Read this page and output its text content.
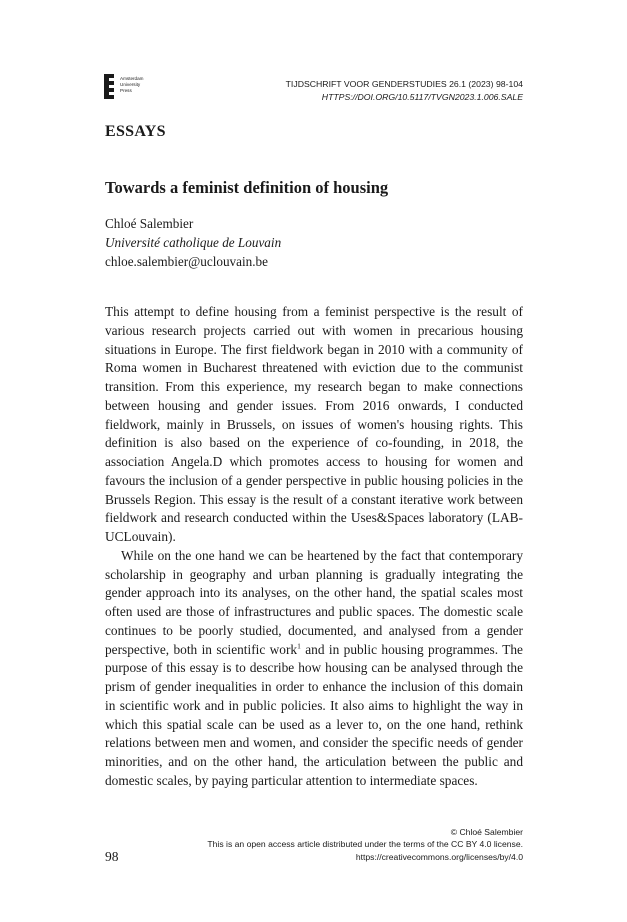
Amsterdam
University
Press
TIJDSCHRIFT VOOR GENDERSTUDIES 26.1 (2023) 98-104
HTTPS://DOI.ORG/10.5117/TVGN2023.1.006.SALE
ESSAYS
Towards a feminist definition of housing
Chloé Salembier
Université catholique de Louvain
chloe.salembier@uclouvain.be

This attempt to define housing from a feminist perspective is the result of various research projects carried out with women in precarious housing situations in Europe. The first fieldwork began in 2010 with a community of Roma women in Bucharest threatened with eviction due to the communist transition. From this experience, my research began to make connections between housing and gender issues. From 2016 onwards, I conducted fieldwork, mainly in Brussels, on issues of women's housing rights. This definition is also based on the experience of co-founding, in 2018, the association Angela.D which promotes access to housing for women and favours the inclusion of a gender perspective in public housing policies in the Brussels Region. This essay is the result of a constant iterative work between fieldwork and research conducted within the Uses&Spaces laboratory (LAB-UCLouvain).

While on the one hand we can be heartened by the fact that contemporary scholarship in geography and urban planning is gradually integrating the gender approach into its analyses, on the other hand, the spatial scales most often used are those of infrastructures and public spaces. The domestic scale continues to be poorly studied, documented, and analysed from a gender perspective, both in scientific work$^1$ and in public housing programmes. The purpose of this essay is to describe how housing can be analysed through the prism of gender inequalities in order to enhance the inclusion of this domain in scientific work and in public policies. It also aims to highlight the way in which this spatial scale can be used as a lever to, on the one hand, rethink relations between men and women, and consider the specific needs of gender minorities, and on the other hand, the articulation between the public and domestic scales, by paying particular attention to intermediate spaces.

© Chloé Salembier
This is an open access article distributed under the terms of the CC BY 4.0 license.
https://creativecommons.org/licenses/by/4.0
98
